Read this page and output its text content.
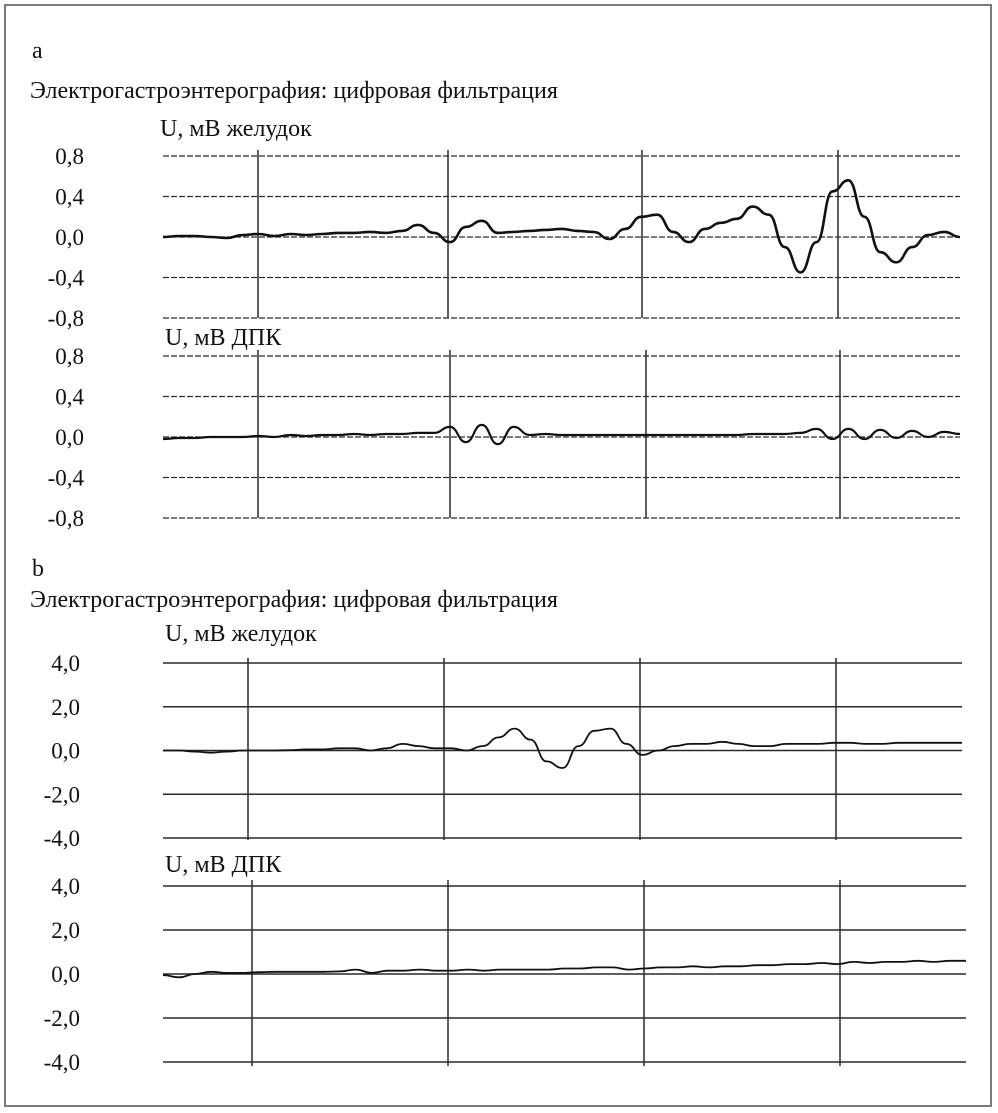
a
Электрогастроэнтерография: цифровая фильтрация
b
Электрогастроэнтерография: цифровая фильтрация
U, мВ желудок
0,8
0,4
0,0
-0,4
-0,8
U, мВ ДПК
0,8
0,4
0,0
-0,4
-0,8
U, мВ желудок
4,0
2,0
0,0
-2,0
-4,0
U, мВ ДПК
4,0
2,0
0,0
-2,0
-4,0
